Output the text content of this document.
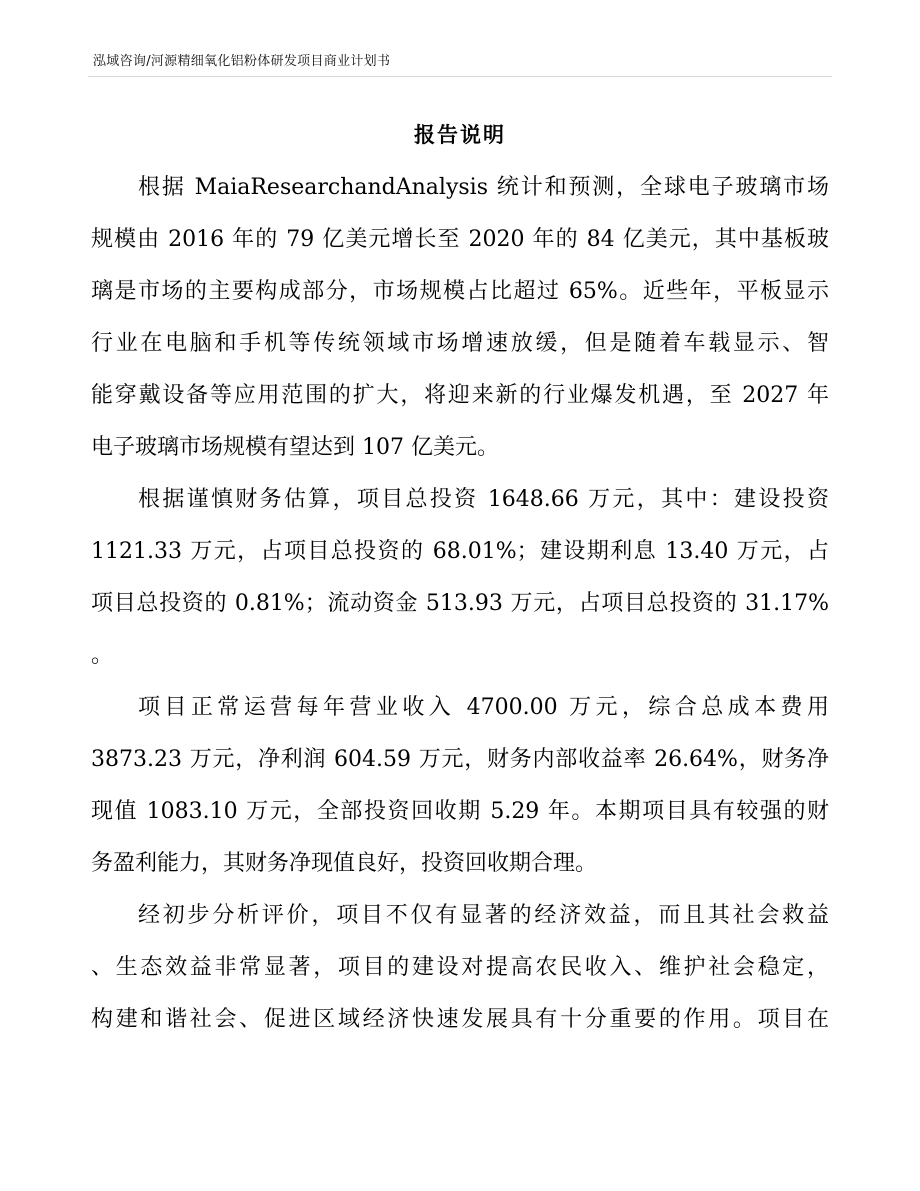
泓域咨询/河源精细氧化铝粉体研发项目商业计划书
报告说明
根据 MaiaResearchandAnalysis 统计和预测，全球电子玻璃市场
规模由 2016 年的 79 亿美元增长至 2020 年的 84 亿美元，其中基板玻
璃是市场的主要构成部分，市场规模占比超过 65%。近些年，平板显示
行业在电脑和手机等传统领域市场增速放缓，但是随着车载显示、智
能穿戴设备等应用范围的扩大，将迎来新的行业爆发机遇，至 2027 年
电子玻璃市场规模有望达到 107 亿美元。
根据谨慎财务估算，项目总投资 1648.66 万元，其中：建设投资
1121.33 万元，占项目总投资的 68.01%；建设期利息 13.40 万元，占
项目总投资的 0.81%；流动资金 513.93 万元，占项目总投资的 31.17%
。
项目正常运营每年营业收入 4700.00 万元，综合总成本费用
3873.23 万元，净利润 604.59 万元，财务内部收益率 26.64%，财务净
现值 1083.10 万元，全部投资回收期 5.29 年。本期项目具有较强的财
务盈利能力，其财务净现值良好，投资回收期合理。
经初步分析评价，项目不仅有显著的经济效益，而且其社会救益
、生态效益非常显著，项目的建设对提高农民收入、维护社会稳定，
构建和谐社会、促进区域经济快速发展具有十分重要的作用。项目在
